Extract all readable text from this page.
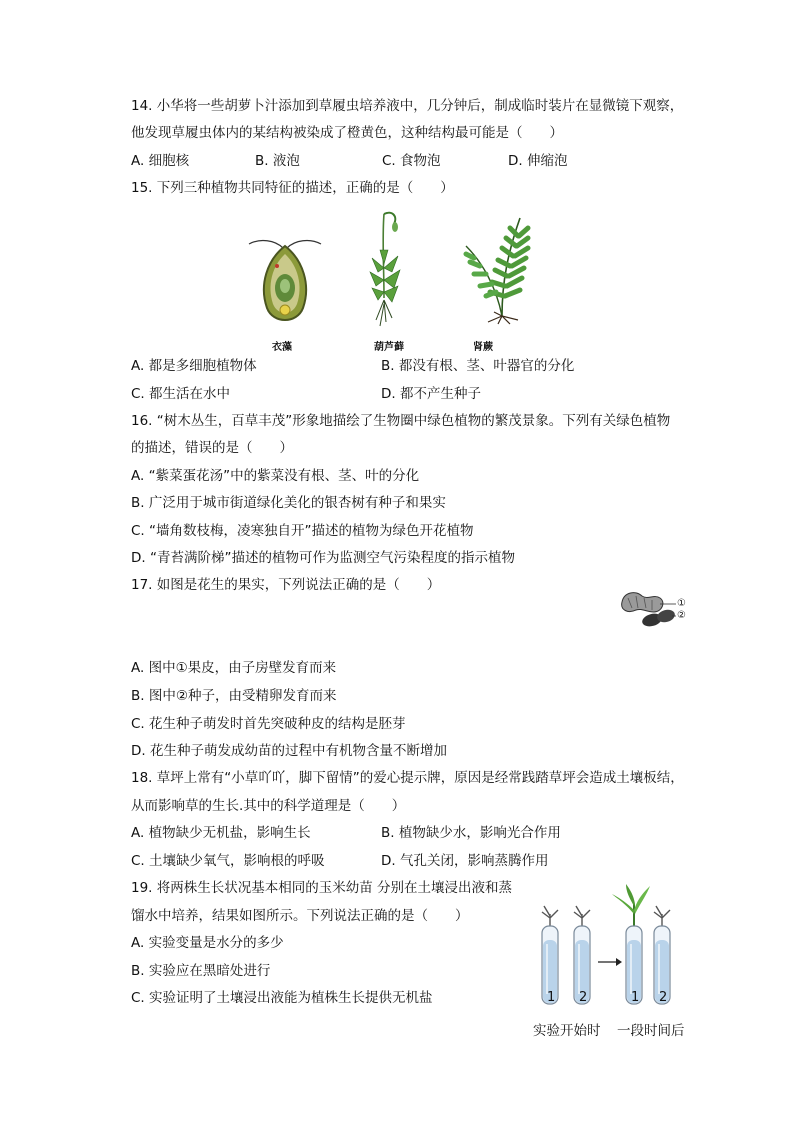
14. 小华将一些胡萝卜汁添加到草履虫培养液中，几分钟后，制成临时装片在显微镜下观察，
他发现草履虫体内的某结构被染成了橙黄色，这种结构最可能是（　　）
A. 细胞核	B. 液泡	C. 食物泡	D. 伸缩泡
15. 下列三种植物共同特征的描述，正确的是（　　）
衣藻	葫芦藓	肾蕨
A. 都是多细胞植物体	B. 都没有根、茎、叶器官的分化
C. 都生活在水中	D. 都不产生种子
16. “树木丛生，百草丰茂”形象地描绘了生物圈中绿色植物的繁茂景象。下列有关绿色植物
的描述，错误的是（　　）
A. “紫菜蛋花汤”中的紫菜没有根、茎、叶的分化
B. 广泛用于城市街道绿化美化的银杏树有种子和果实
C. “墙角数枝梅，凌寒独自开”描述的植物为绿色开花植物
D. “青苔满阶梯”描述的植物可作为监测空气污染程度的指示植物
17. 如图是花生的果实，下列说法正确的是（　　）
①
②
A. 图中①果皮，由子房壁发育而来
B. 图中②种子，由受精卵发育而来
C. 花生种子萌发时首先突破种皮的结构是胚芽
D. 花生种子萌发成幼苗的过程中有机物含量不断增加
18. 草坪上常有“小草吖吖，脚下留情”的爱心提示牌，原因是经常践踏草坪会造成土壤板结，
从而影响草的生长.其中的科学道理是（　　）
A. 植物缺少无机盐，影响生长	B. 植物缺少水，影响光合作用
C. 土壤缺少氧气，影响根的呼吸	D. 气孔关闭，影响蒸腾作用
19. 将两株生长状况基本相同的玉米幼苗 分别在土壤浸出液和蒸
馏水中培养，结果如图所示。下列说法正确的是（　　）
A. 实验变量是水分的多少
B. 实验应在黑暗处进行
C. 实验证明了土壤浸出液能为植株生长提供无机盐	1 2	1 2
实验开始时 一段时间后
